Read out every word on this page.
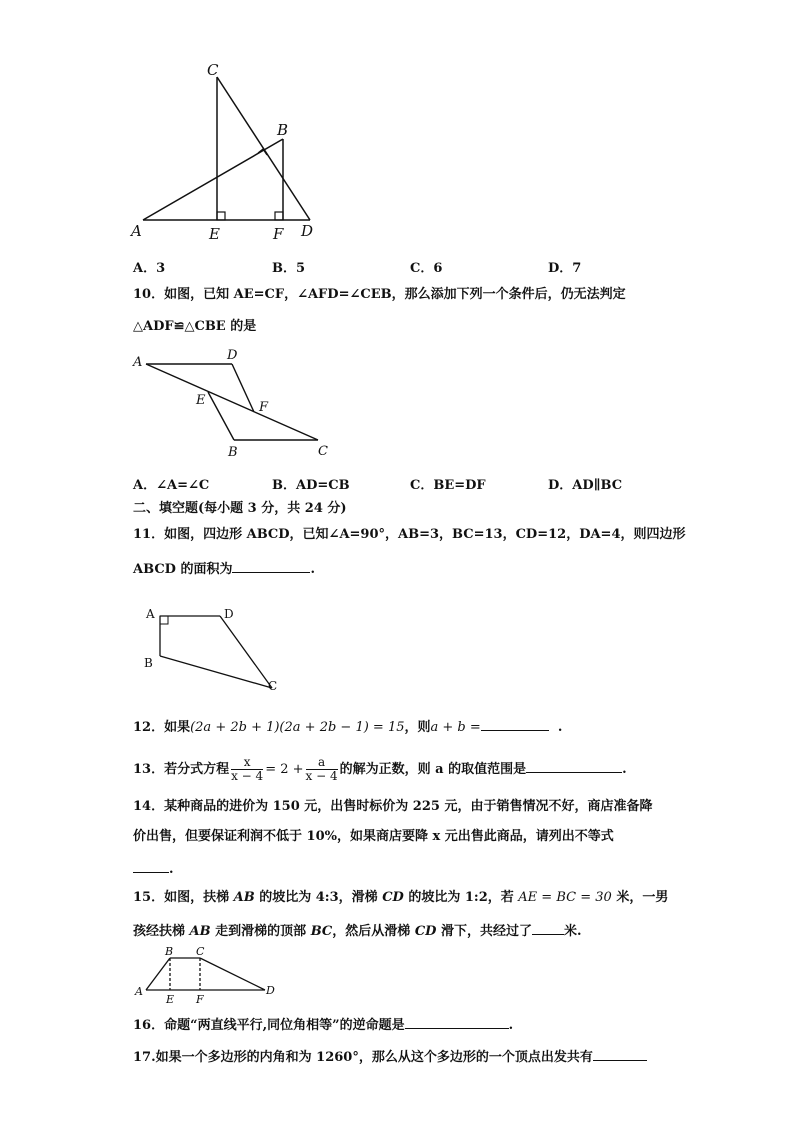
C
B
A	E	F D
A．3	B．5	C．6	D．7
10．如图，已知 AE=CF，∠AFD=∠CEB，那么添加下列一个条件后，仍无法判定
△ADF≌△CBE 的是
A	D
E	F
B	C
A．∠A=∠C	B．AD=CB	C．BE=DF	D．AD∥BC
二、填空题(每小题 3 分，共 24 分)
11．如图，四边形 ABCD，已知∠A=90°，AB=3，BC=13，CD=12，DA=4，则四边形
ABCD 的面积为	.
A	D
B
C
12．如果(2a + 2b + 1)(2a + 2b − 1) = 15，则a + b =	.
13．若分式方程 $\frac{x}{x - 4} = 2 + \frac{a}{x - 4}$ 的解为正数，则 a 的取值范围是	.
14．某种商品的进价为 150 元，出售时标价为 225 元，由于销售情况不好，商店准备降
价出售，但要保证利润不低于 10%，如果商店要降 x 元出售此商品，请列出不等式
.
15．如图，扶梯 AB 的坡比为 4:3，滑梯 CD 的坡比为 1:2，若 AE = BC = 30 米，一男
孩经扶梯 AB 走到滑梯的顶部 BC，然后从滑梯 CD 滑下，共经过了 米.
B C
A
E F
D
16．命题“两直线平行,同位角相等”的逆命题是	.
17.如果一个多边形的内角和为 1260°，那么从这个多边形的一个顶点出发共有
